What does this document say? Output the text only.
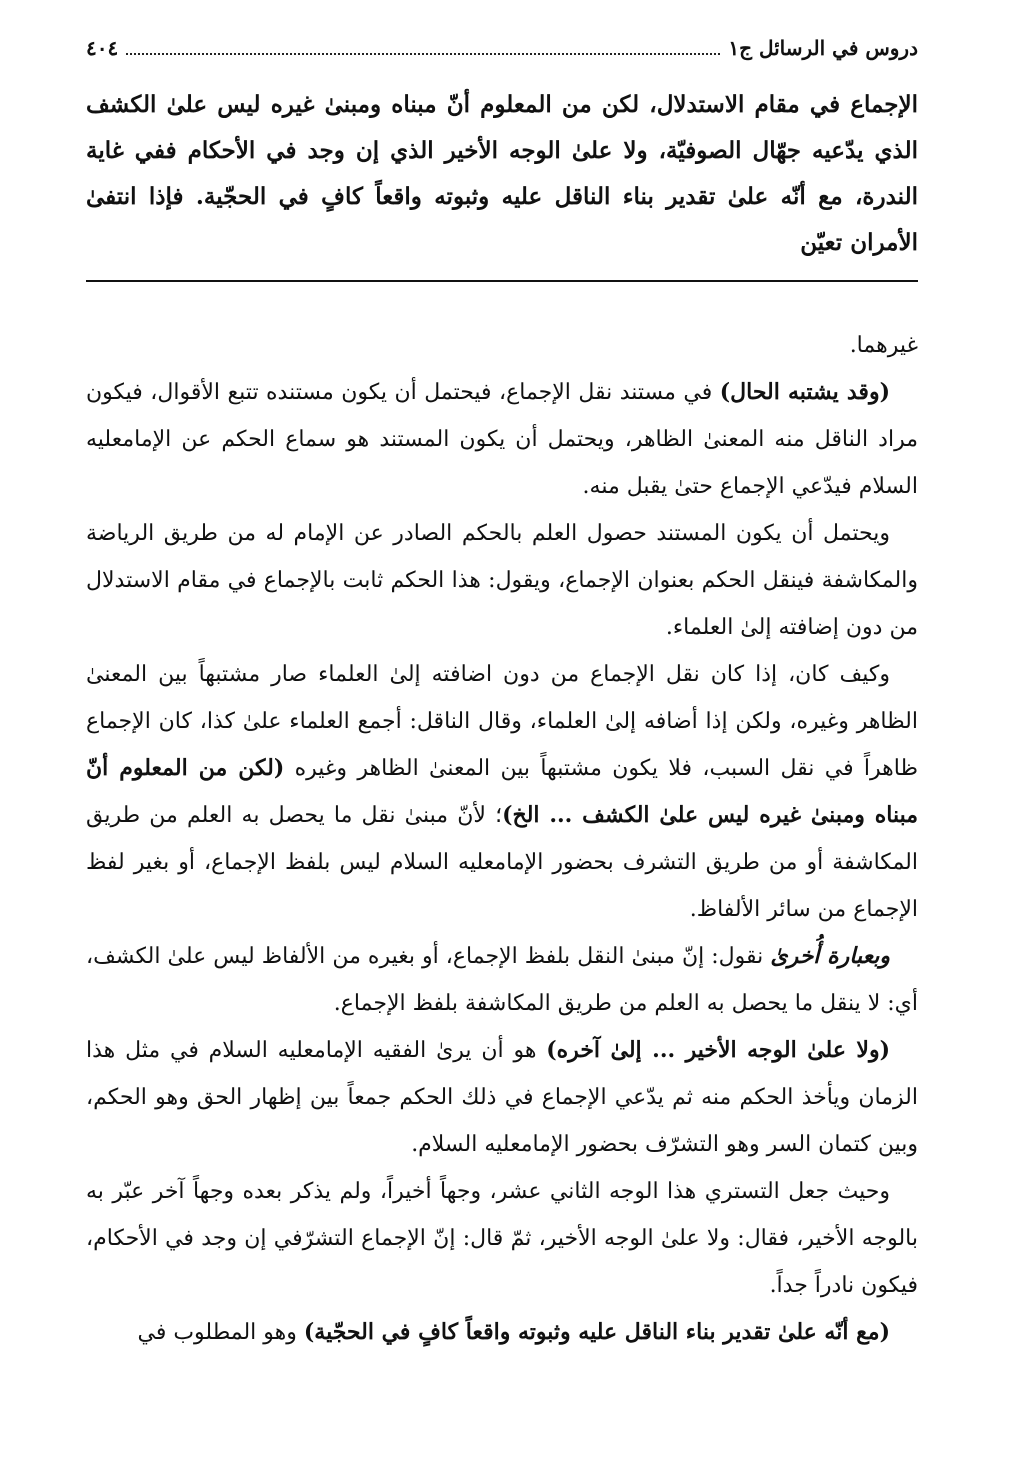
دروس في الرسائل ج١
٤٠٤
الإجماع في مقام الاستدلال، لكن من المعلوم أنّ مبناه ومبنىٰ غيره ليس علىٰ الكشف الذي يدّعيه جهّال الصوفيّة، ولا علىٰ الوجه الأخير الذي إن وجد في الأحكام ففي غاية الندرة، مع أنّه علىٰ تقدير بناء الناقل عليه وثبوته واقعاً كافٍ في الحجّية. فإذا انتفىٰ الأمران تعيّن

غيرهما.

(وقد يشتبه الحال) في مستند نقل الإجماع، فيحتمل أن يكون مستنده تتبع الأقوال، فيكون مراد الناقل منه المعنىٰ الظاهر، ويحتمل أن يكون المستند هو سماع الحكم عن الإمامعليه السلام فيدّعي الإجماع حتىٰ يقبل منه.

ويحتمل أن يكون المستند حصول العلم بالحكم الصادر عن الإمام له من طريق الرياضة والمكاشفة فينقل الحكم بعنوان الإجماع، ويقول: هذا الحكم ثابت بالإجماع في مقام الاستدلال من دون إضافته إلىٰ العلماء.

وكيف كان، إذا كان نقل الإجماع من دون اضافته إلىٰ العلماء صار مشتبهاً بين المعنىٰ الظاهر وغيره، ولكن إذا أضافه إلىٰ العلماء، وقال الناقل: أجمع العلماء علىٰ كذا، كان الإجماع ظاهراً في نقل السبب، فلا يكون مشتبهاً بين المعنىٰ الظاهر وغيره (لكن من المعلوم أنّ مبناه ومبنىٰ غيره ليس علىٰ الكشف ... الخ)؛ لأنّ مبنىٰ نقل ما يحصل به العلم من طريق المكاشفة أو من طريق التشرف بحضور الإمامعليه السلام ليس بلفظ الإجماع، أو بغير لفظ الإجماع من سائر الألفاظ.

وبعبارة أُخرىٰ نقول: إنّ مبنىٰ النقل بلفظ الإجماع، أو بغيره من الألفاظ ليس علىٰ الكشف، أي: لا ينقل ما يحصل به العلم من طريق المكاشفة بلفظ الإجماع.

(ولا علىٰ الوجه الأخير ... إلىٰ آخره) هو أن يرىٰ الفقيه الإمامعليه السلام في مثل هذا الزمان ويأخذ الحكم منه ثم يدّعي الإجماع في ذلك الحكم جمعاً بين إظهار الحق وهو الحكم، وبين كتمان السر وهو التشرّف بحضور الإمامعليه السلام.

وحيث جعل التستري هذا الوجه الثاني عشر، وجهاً أخيراً، ولم يذكر بعده وجهاً آخر عبّر به بالوجه الأخير، فقال: ولا علىٰ الوجه الأخير، ثمّ قال: إنّ الإجماع التشرّفي إن وجد في الأحكام، فيكون نادراً جداً.

(مع أنّه علىٰ تقدير بناء الناقل عليه وثبوته واقعاً كافٍ في الحجّية) وهو المطلوب في
